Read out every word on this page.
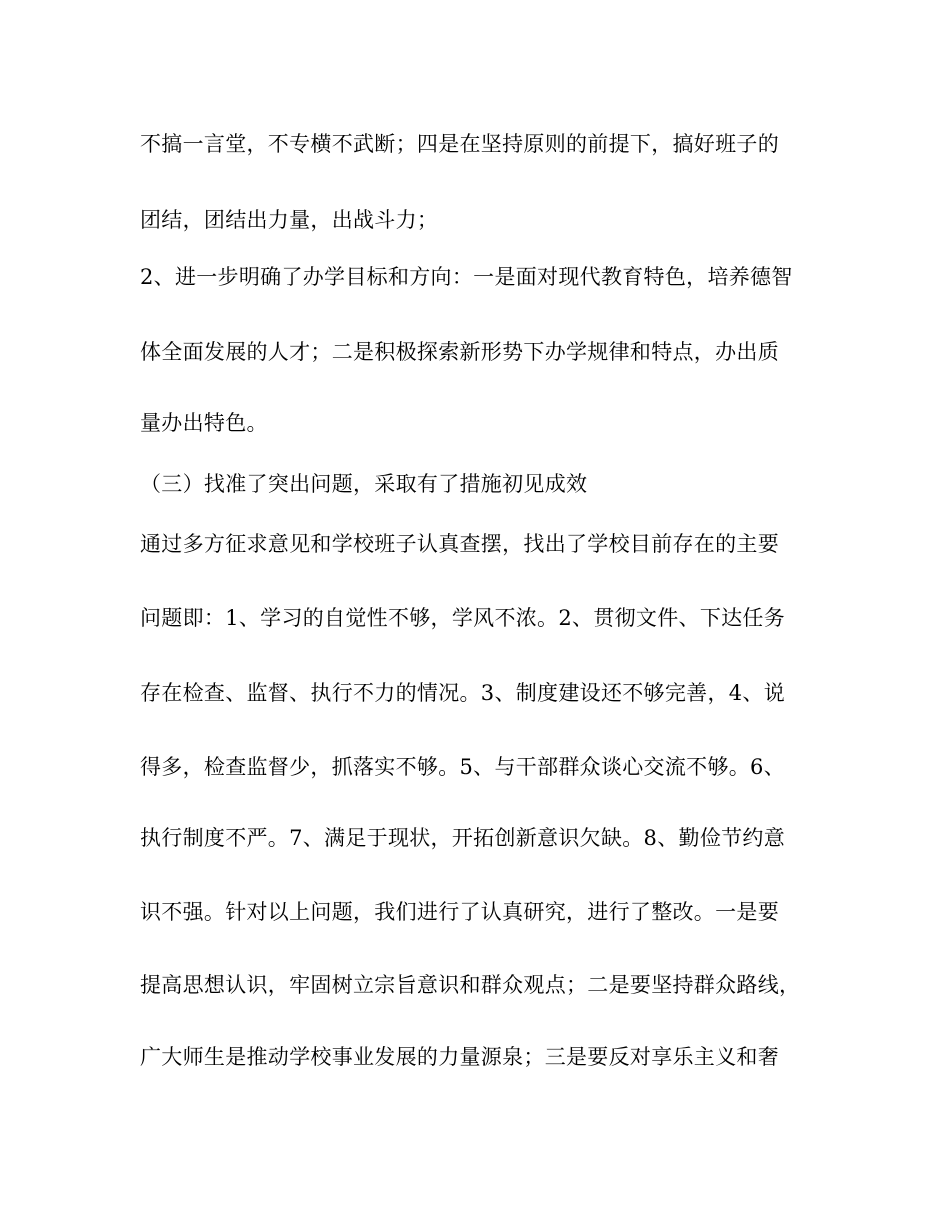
不搞一言堂，不专横不武断；四是在坚持原则的前提下，搞好班子的
团结，团结出力量，出战斗力；
2、进一步明确了办学目标和方向：一是面对现代教育特色，培养德智
体全面发展的人才；二是积极探索新形势下办学规律和特点，办出质
量办出特色。
（三）找准了突出问题，采取有了措施初见成效
通过多方征求意见和学校班子认真查摆，找出了学校目前存在的主要
问题即：1、学习的自觉性不够，学风不浓。2、贯彻文件、下达任务
存在检查、监督、执行不力的情况。3、制度建设还不够完善，4、说
得多，检查监督少，抓落实不够。5、与干部群众谈心交流不够。6、
执行制度不严。7、满足于现状，开拓创新意识欠缺。8、勤俭节约意
识不强。针对以上问题，我们进行了认真研究，进行了整改。一是要
提高思想认识，牢固树立宗旨意识和群众观点；二是要坚持群众路线，
广大师生是推动学校事业发展的力量源泉；三是要反对享乐主义和奢
